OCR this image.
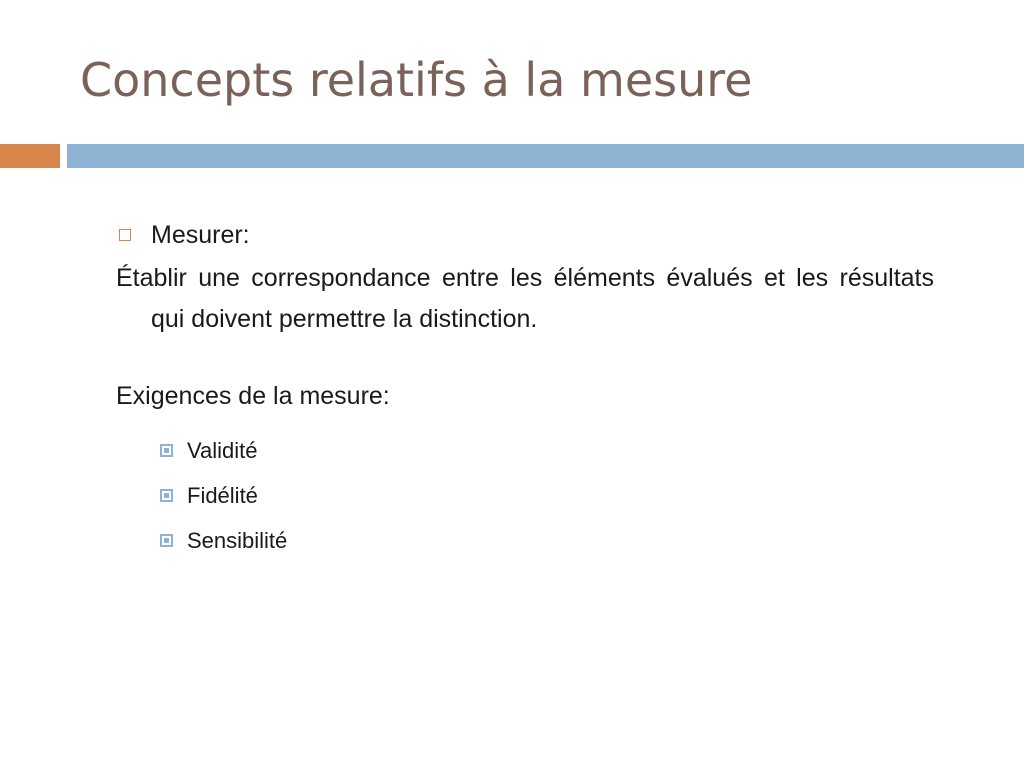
Concepts relatifs à la mesure
Mesurer:
Établir une correspondance entre les éléments évalués et les résultats qui doivent permettre la distinction.
Exigences de la mesure:
Validité
Fidélité
Sensibilité
